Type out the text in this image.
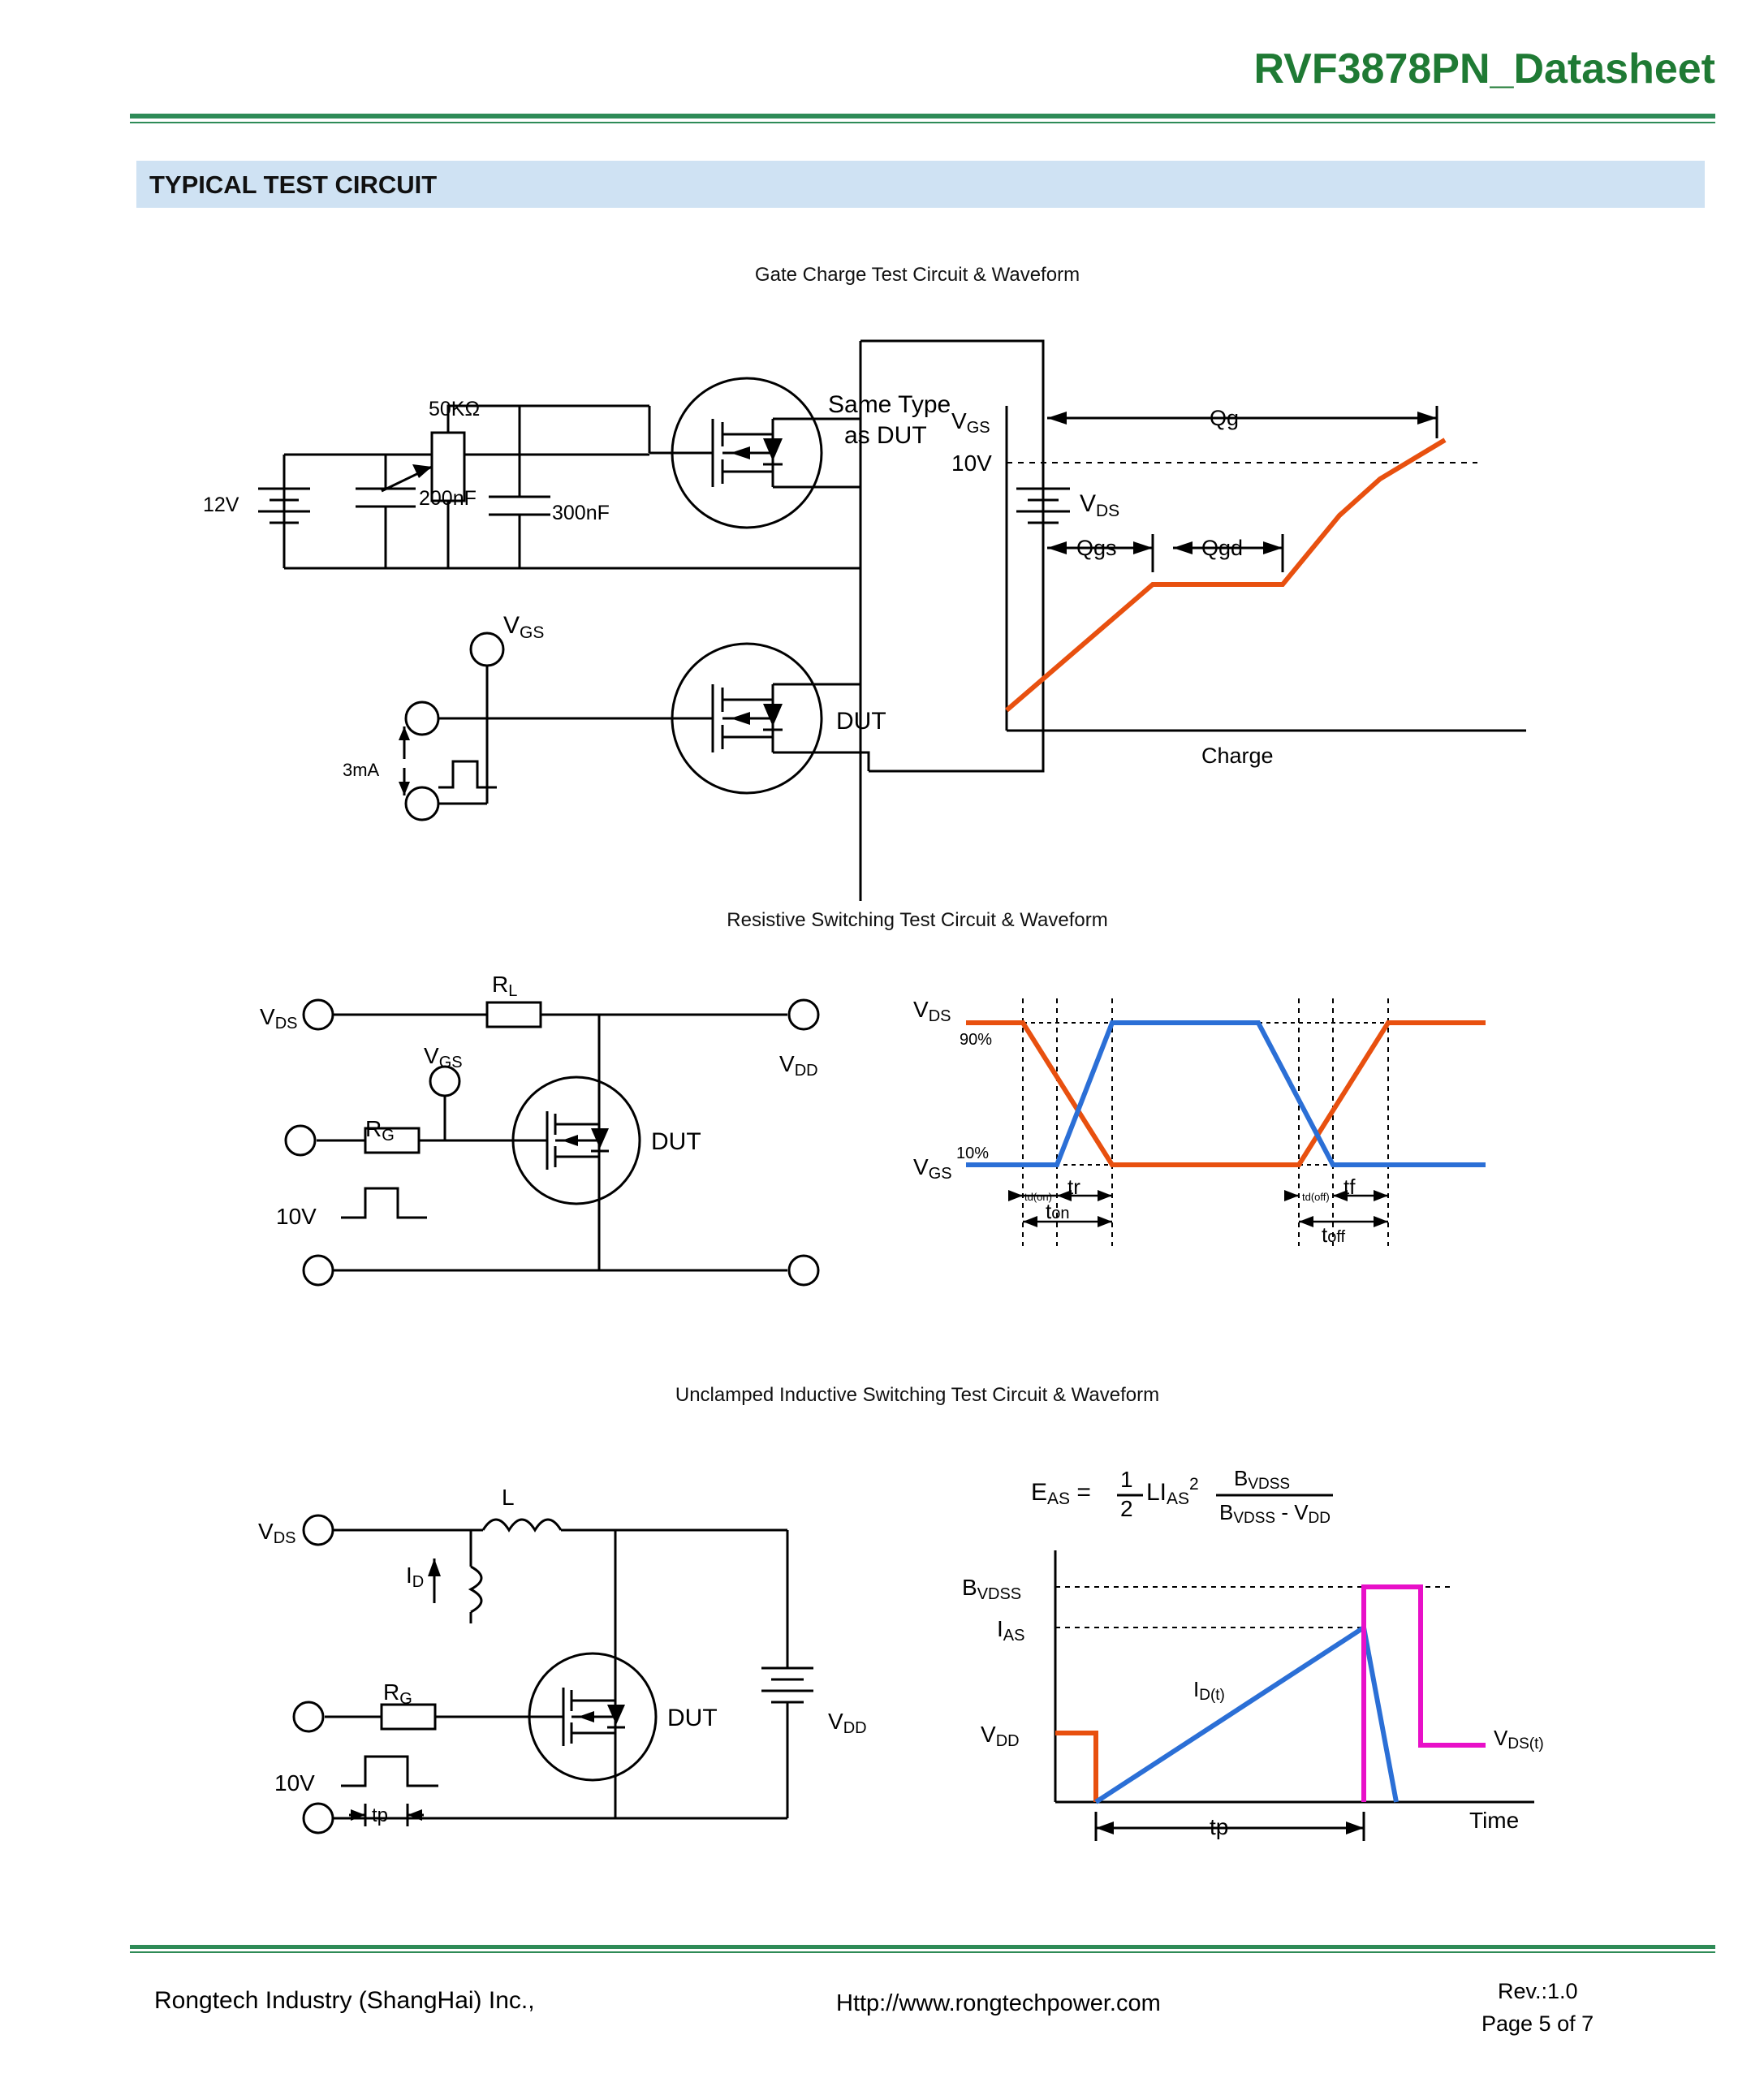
RVF3878PN_Datasheet
TYPICAL TEST CIRCUIT
Gate Charge Test Circuit & Waveform
12V	200nF
300nF
50KΩ	Same Type
as DUT
$V_{DS}$
$V_{GS}$
DUT
3mA
VGS
10V
Qg
Qgs	Qgd
Charge
Resistive Switching Test Circuit & Waveform
VDS
RL
RG
VGS	VDD
DUT
10V
VDS
VGS
90%
10%
td(on)	td(off)
tr	tf
ton
toff
Unclamped Inductive Switching Test Circuit & Waveform
VDS
L
ID
RG
VDD
DUT
10V
tp
EAS = 1
2
LIAS$^2$ BVDSS
BVDSS - VDD
BVDSS
IAS
VDD
ID(t)
VDS(t)
tp	Time
Rongtech Industry (ShangHai) Inc.,	Http://www.rongtechpower.com	Rev.:1.0
Page 5 of 7
